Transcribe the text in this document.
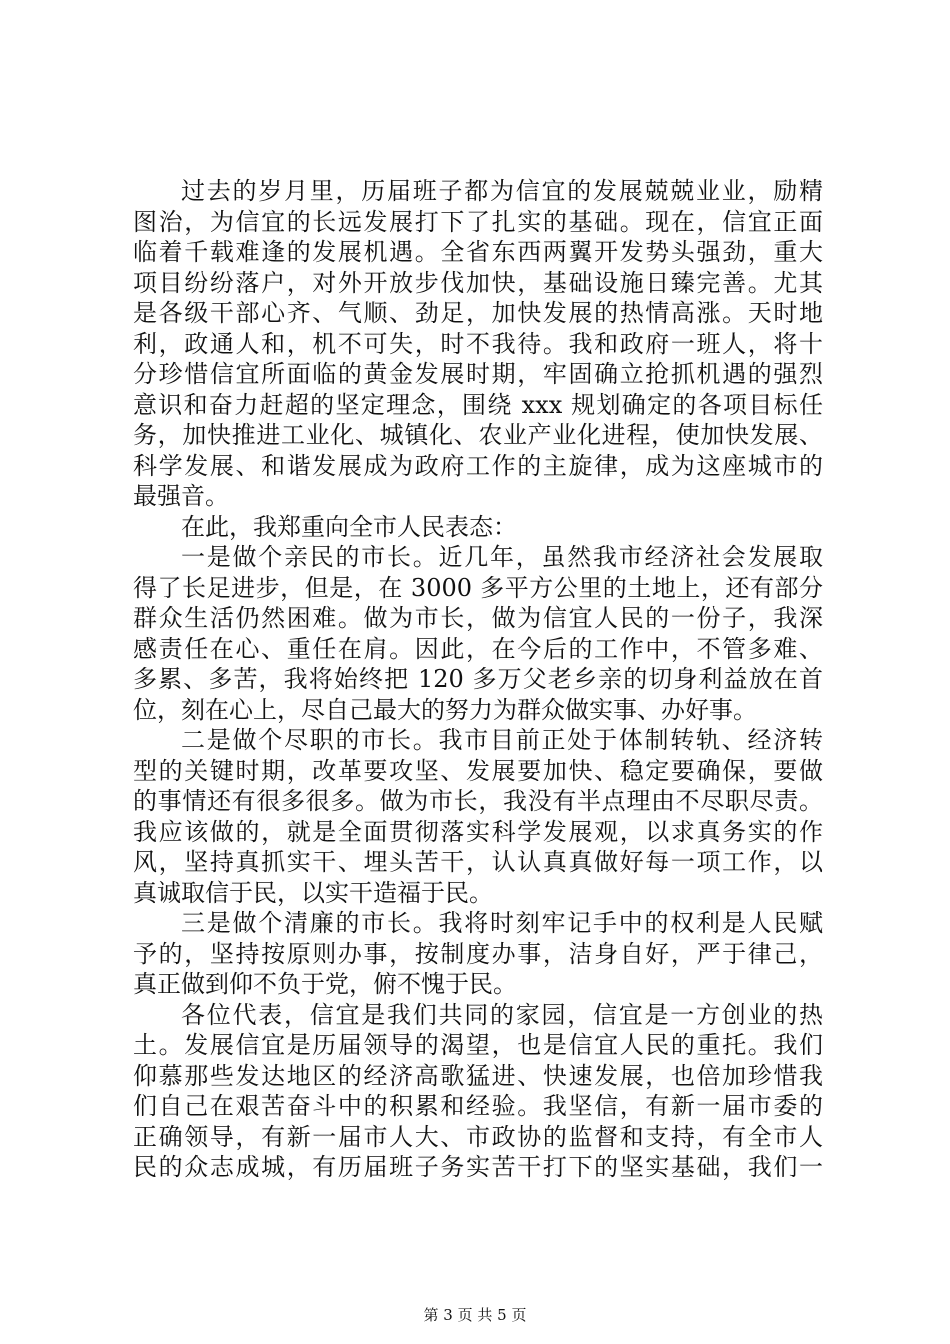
过去的岁月里，历届班子都为信宜的发展兢兢业业，励精
图治，为信宜的长远发展打下了扎实的基础。现在，信宜正面
临着千载难逢的发展机遇。全省东西两翼开发势头强劲，重大
项目纷纷落户，对外开放步伐加快，基础设施日臻完善。尤其
是各级干部心齐、气顺、劲足，加快发展的热情高涨。天时地
利，政通人和，机不可失，时不我待。我和政府一班人，将十
分珍惜信宜所面临的黄金发展时期，牢固确立抢抓机遇的强烈
意识和奋力赶超的坚定理念，围绕 xxx 规划确定的各项目标任
务，加快推进工业化、城镇化、农业产业化进程，使加快发展、
科学发展、和谐发展成为政府工作的主旋律，成为这座城市的
最强音。
在此，我郑重向全市人民表态：
一是做个亲民的市长。近几年，虽然我市经济社会发展取
得了长足进步，但是，在 3000 多平方公里的土地上，还有部分
群众生活仍然困难。做为市长，做为信宜人民的一份子，我深
感责任在心、重任在肩。因此，在今后的工作中，不管多难、
多累、多苦，我将始终把 120 多万父老乡亲的切身利益放在首
位，刻在心上，尽自己最大的努力为群众做实事、办好事。
二是做个尽职的市长。我市目前正处于体制转轨、经济转
型的关键时期，改革要攻坚、发展要加快、稳定要确保，要做
的事情还有很多很多。做为市长，我没有半点理由不尽职尽责。
我应该做的，就是全面贯彻落实科学发展观，以求真务实的作
风，坚持真抓实干、埋头苦干，认认真真做好每一项工作，以
真诚取信于民，以实干造福于民。
三是做个清廉的市长。我将时刻牢记手中的权利是人民赋
予的，坚持按原则办事，按制度办事，洁身自好，严于律己，
真正做到仰不负于党，俯不愧于民。
各位代表，信宜是我们共同的家园，信宜是一方创业的热
土。发展信宜是历届领导的渴望，也是信宜人民的重托。我们
仰慕那些发达地区的经济高歌猛进、快速发展，也倍加珍惜我
们自己在艰苦奋斗中的积累和经验。我坚信，有新一届市委的
正确领导，有新一届市人大、市政协的监督和支持，有全市人
民的众志成城，有历届班子务实苦干打下的坚实基础，我们一
第 3 页 共 5 页
